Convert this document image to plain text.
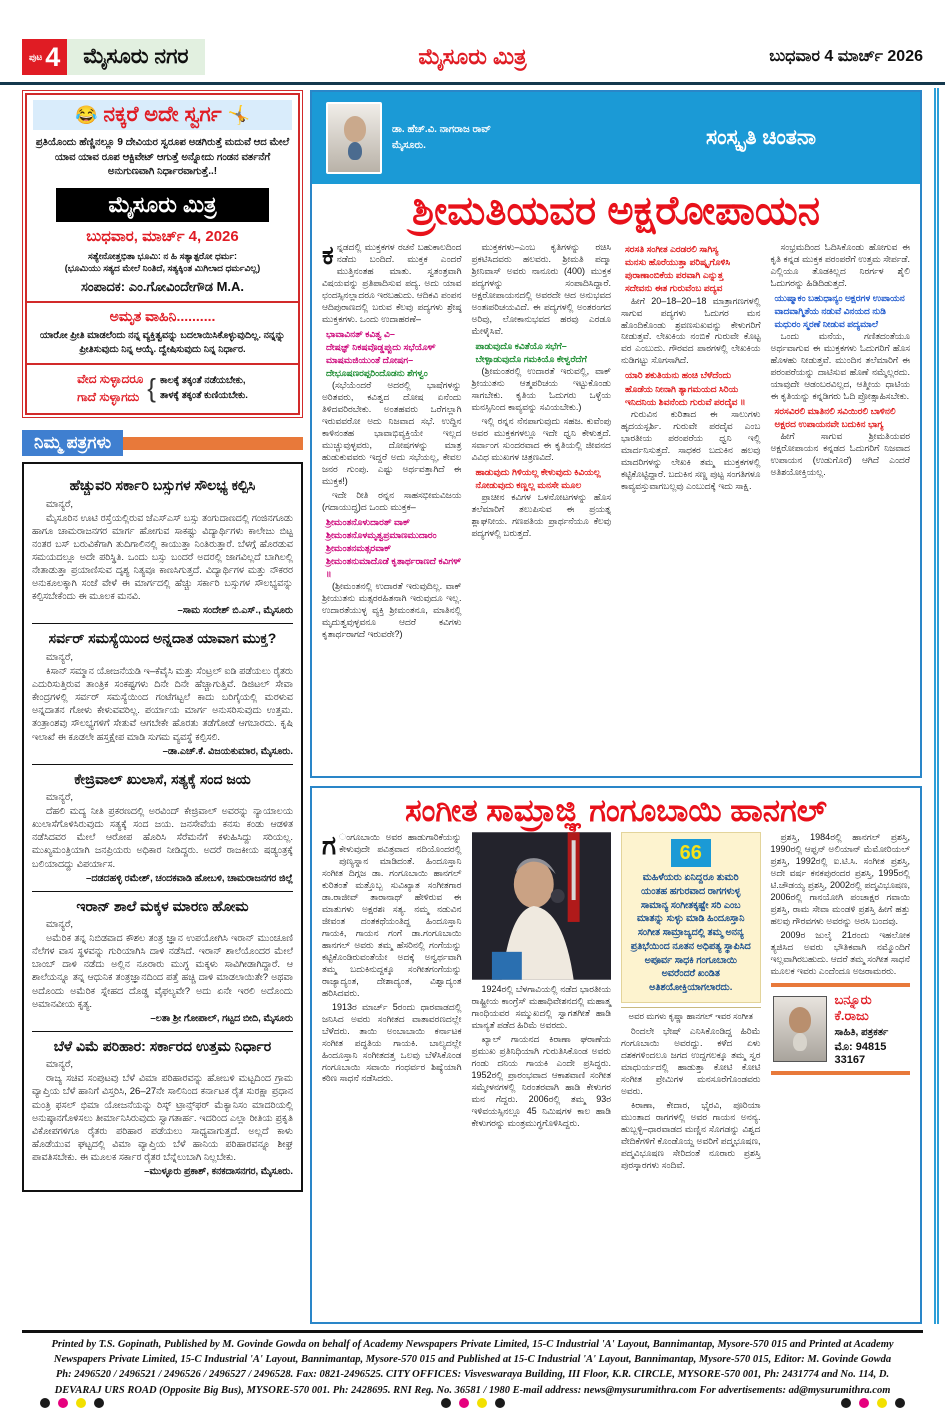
ಪುಟ 4	ಮೈಸೂರು ನಗರ	ಮೈಸೂರು ಮಿತ್ರ	ಬುಧವಾರ 4 ಮಾರ್ಚ್ 2026
😂 ನಕ್ಕರೆ ಅದೇ ಸ್ವರ್ಗ 🤸
ಪ್ರತಿಯೊಂದು ಹೆಣ್ಣಿನಲ್ಲೂ 9 ದೇವಿಯರ ಸ್ವರೂಪ ಅಡಗಿರುತ್ತೆ ಮದುವೆ ಆದ ಮೇಲೆ ಯಾವ ಯಾವ ರೂಪ ಆಕ್ಟಿವೇಟ್ ಆಗುತ್ತೆ ಅನ್ನೋದು ಗಂಡನ ವರ್ತನೆಗೆ ಅನುಗುಣವಾಗಿ ನಿರ್ಧಾರವಾಗುತ್ತೆ..!
ಮೈಸೂರು ಮಿತ್ರ
ಬುಧವಾರ, ಮಾರ್ಚ್ 4, 2026
ಸತ್ಯೇನೋತ್ತಭಿತಾ ಭೂಮಿ: ನ ಹಿ ಸತ್ಯಾತ್ಪರೋ ಧರ್ಮ:
(ಭೂಮಿಯು ಸತ್ಯದ ಮೇಲೆ ನಿಂತಿದೆ, ಸತ್ಯಕ್ಕಿಂತ ಮಿಗಿಲಾದ ಧರ್ಮವಿಲ್ಲ)
ಸಂಪಾದಕ: ಎಂ.ಗೋವಿಂದೇಗೌಡ M.A.
ಅಮೃತ ವಾಹಿನಿ..........
ಯಾರೋ ಪ್ರೀತಿ ಮಾಡಲೆಂದು ನನ್ನ ವ್ಯಕ್ತಿತ್ವವನ್ನು ಬದಲಾಯಿಸಿಕೊಳ್ಳುವುದಿಲ್ಲ. ನನ್ನನ್ನು ಪ್ರೀತಿಸುವುದು ನಿನ್ನ ಆಯ್ಕೆ. ದ್ವೇಷಿಸುವುದು ನಿನ್ನ ನಿರ್ಧಾರ.
ವೇದ ಸುಳ್ಳಾದರೂ
ಗಾದೆ ಸುಳ್ಳಾಗದು { ಕಾಲಕ್ಕೆ ತಕ್ಕಂತೆ ನಡೆಯಬೇಕು,
ತಾಳಕ್ಕೆ ತಕ್ಕಂತೆ ಕುಣಿಯಬೇಕು.
ನಿಮ್ಮ ಪತ್ರಗಳು
ಹೆಚ್ಚುವರಿ ಸರ್ಕಾರಿ ಬಸ್ಸುಗಳ ಸೌಲಭ್ಯ ಕಲ್ಪಿಸಿ
ಮಾನ್ಯರೆ,
ಮೈಸೂರಿನ ಊಟಿ ರಸ್ತೆಯಲ್ಲಿರುವ ಜೆಎಸ್ಎಸ್ ಬಸ್ಸು ತಂಗುದಾಣದಲ್ಲಿ ಗಂಜಿನಗೂಡು ಹಾಗೂ ಚಾಮರಾಜನಗರ ಮಾರ್ಗ ಹೋಗುವ ಸಾಕಷ್ಟು ವಿದ್ಯಾರ್ಥಿಗಳು ಕಾಲೇಜು ಬಿಟ್ಟ ನಂತರ ಬಸ್ ಬರುವಿಕೆಗಾಗಿ ತುದಿಗಾಲಿನಲ್ಲಿ ಕಾಯುತ್ತಾ ನಿಂತಿರುತ್ತಾರೆ. ಬೆಳಗ್ಗೆ ಹೊರಡುವ ಸಮಯದಲ್ಲೂ ಅದೇ ಪರಿಸ್ಥಿತಿ. ಒಂದು ಬಸ್ಸು ಬಂದರೆ ಅದರಲ್ಲಿ ಜಾಗವಿಲ್ಲದೆ ಬಾಗಿಲಲ್ಲಿ ನೇತಾಡುತ್ತಾ ಪ್ರಯಾಣಿಸುವ ದೃಶ್ಯ ನಿತ್ಯವೂ ಕಾಣಸಿಗುತ್ತದೆ. ವಿದ್ಯಾರ್ಥಿಗಳ ಮತ್ತು ನೌಕರರ ಅನುಕೂಲಕ್ಕಾಗಿ ಸಂಜೆ ವೇಳೆ ಈ ಮಾರ್ಗದಲ್ಲಿ ಹೆಚ್ಚು ಸರ್ಕಾರಿ ಬಸ್ಸುಗಳ ಸೌಲಭ್ಯವನ್ನು ಕಲ್ಪಿಸಬೇಕೆಂದು ಈ ಮೂಲಕ ಮನವಿ.
–ಸಾಮ ಸಂದೇಶ್ ಬಿ.ಎಸ್., ಮೈಸೂರು
ಸರ್ವರ್ ಸಮಸ್ಯೆಯಿಂದ ಅನ್ನದಾತ ಯಾವಾಗ ಮುಕ್ತ?
ಮಾನ್ಯರೆ,
ಕಿಸಾನ್ ಸಮ್ಮಾನ ಯೋಜನೆಯಡಿ ಇ–ಕೆವೈಸಿ ಮತ್ತು ಸೆಂಟ್ರಲ್ ಐಡಿ ಪಡೆಯಲು ರೈತರು ಎದುರಿಸುತ್ತಿರುವ ತಾಂತ್ರಿಕ ಸಂಕಷ್ಟಗಳು ದಿನೇ ದಿನೇ ಹೆಚ್ಚಾಗುತ್ತಿವೆ. ಡಿಜಿಟಲ್ ಸೇವಾ ಕೇಂದ್ರಗಳಲ್ಲಿ ಸರ್ವರ್ ಸಮಸ್ಯೆಯಿಂದ ಗಂಟೆಗಟ್ಟಲೆ ಕಾದು ಬರಿಗೈಯಲ್ಲಿ ಮರಳುವ ಅನ್ನದಾತನ ಗೋಳು ಕೇಳುವವರಿಲ್ಲ. ಪರ್ಯಾಯ ಮಾರ್ಗ ಅನುಸರಿಸುವುದು ಉತ್ತಮ. ತಂತ್ರಾಂಶವು ಸೌಲಭ್ಯಗಳಿಗೆ ಸೇತುವೆ ಆಗಬೇಕೇ ಹೊರತು ತಡೆಗೋಡೆ ಆಗಬಾರದು. ಕೃಷಿ ಇಲಾಖೆ ಈ ಕೂಡಲೇ ಹಸ್ತಕ್ಷೇಪ ಮಾಡಿ ಸುಗಮ ವ್ಯವಸ್ಥೆ ಕಲ್ಪಿಸಲಿ.
–ಡಾ.ಎಚ್.ಕೆ. ವಿಜಯಕುಮಾರ, ಮೈಸೂರು.
ಕೇಜ್ರಿವಾಲ್ ಖುಲಾಸೆ, ಸತ್ಯಕ್ಕೆ ಸಂದ ಜಯ
ಮಾನ್ಯರೆ,
ದೆಹಲಿ ಮದ್ಯ ನೀತಿ ಪ್ರಕರಣದಲ್ಲಿ ಅರವಿಂದ್ ಕೇಜ್ರಿವಾಲ್ ಅವರನ್ನು ನ್ಯಾಯಾಲಯ ಖುಲಾಸೆಗೊಳಿಸಿರುವುದು ಸತ್ಯಕ್ಕೆ ಸಂದ ಜಯ. ಜನಸೇವೆಯ ಕನಸು ಕಂಡು ಆಡಳಿತ ನಡೆಸಿದವರ ಮೇಲೆ ಆರೋಪ ಹೊರಿಸಿ ಸೆರೆಮನೆಗೆ ಕಳುಹಿಸಿದ್ದು ಸರಿಯಲ್ಲ. ಮುಖ್ಯಮಂತ್ರಿಯಾಗಿ ಜನಪ್ರಿಯರು ಅಧಿಕಾರ ನೀಡಿದ್ದರು. ಅದರೆ ರಾಜಕೀಯ ಷಡ್ಯಂತ್ರಕ್ಕೆ ಬಲಿಯಾದದ್ದು ವಿಪರ್ಯಾಸ.
–ದಡದಹಳ್ಳಿ ರಮೇಶ್, ಚಂದಕವಾಡಿ ಹೋಬಳಿ, ಚಾಮರಾಜನಗರ ಜಿಲ್ಲೆ
ಇರಾನ್ ಶಾಲೆ ಮಕ್ಕಳ ಮಾರಣ ಹೋಮ
ಮಾನ್ಯರೆ,
ಅಮೆರಿಕ ತನ್ನ ನಿಬಿಡವಾದ ಕೌಶಲ ತಂತ್ರ ಜ್ಞಾನ ಉಪಯೋಗಿಸಿ ಇರಾನ್ ಮುಂಚೂಣಿ ನೆಲೆಗಳ ವಾಸ ಸ್ಥಳವನ್ನು ಗುರಿಯಾಗಿಸಿ ದಾಳಿ ನಡೆಸಿದೆ. ಇರಾನ್ ಶಾಲೆಯೊಂದರ ಮೇಲೆ ಬಾಂಬ್ ದಾಳಿ ನಡೆದು ಅಲ್ಲಿನ ನೂರಾರು ಮುಗ್ಧ ಮಕ್ಕಳು ಸಾವಿಗೀಡಾಗಿದ್ದಾರೆ. ಆ ಶಾಲೆಯನ್ನೂ ತನ್ನ ಆಧುನಿಕ ತಂತ್ರಜ್ಞಾನದಿಂದ ಪತ್ತೆ ಹಚ್ಚಿ ದಾಳಿ ಮಾಡಲಾಯಿತೇ? ಅಥವಾ ಅದೊಂದು ಅಮೆರಿಕ ಸ್ನೇಹದ ದೊಡ್ಡ ವೈಫಲ್ಯವೇ? ಅದು ಏನೇ ಇರಲಿ ಅದೊಂದು ಅಮಾನವೀಯ ಕೃತ್ಯ.
–ಲತಾ ಶ್ರೀ ಗೋಪಾಲ್, ಗಟ್ಟದ ಬೀದಿ, ಮೈಸೂರು
ಬೆಳೆ ವಿಮೆ ಪರಿಹಾರ: ಸರ್ಕಾರದ ಉತ್ತಮ ನಿರ್ಧಾರ
ಮಾನ್ಯರೆ,
ರಾಜ್ಯ ಸಚಿವ ಸಂಪುಟವು ಬೆಳೆ ವಿಮಾ ಪರಿಹಾರವನ್ನು ಹೋಬಳಿ ಮಟ್ಟದಿಂದ ಗ್ರಾಮ ವ್ಯಾಪ್ತಿಯ ಬೆಳೆ ಹಾನಿಗೆ ವಿಸ್ತರಿಸಿ, 26–27ನೇ ಸಾಲಿನಿಂದ ಕರ್ನಾಟಕ ರೈತ ಸುರಕ್ಷಾ ಪ್ರಧಾನ ಮಂತ್ರಿ ಫಸಲ್ ಭಿಮಾ ಯೋಜನೆಯನ್ನು ರಿಸ್ಕ್ ಟ್ರಾನ್ಸ್‌ಫರ್ ಮೆಕ್ಯಾನಿಸಂ ಮಾದರಿಯಲ್ಲಿ ಅನುಷ್ಠಾನಗೊಳಿಸಲು ತೀರ್ಮಾನಿಸಿರುವುದು ಸ್ವಾಗತಾರ್ಹ. ಇದರಿಂದ ಎಲ್ಲಾ ರೀತಿಯ ಪ್ರಕೃತಿ ವಿಕೋಪಗಳಿಗೂ ರೈತರು ಪರಿಹಾರ ಪಡೆಯಲು ಸಾಧ್ಯವಾಗುತ್ತದೆ. ಅಲ್ಲದೆ ಕಾಳು ಹೊಡೆಯುವ ಘಟ್ಟದಲ್ಲಿ ವಿಮಾ ವ್ಯಾಪ್ತಿಯ ಬೆಳೆ ಹಾನಿಯ ಪರಿಹಾರವನ್ನೂ ಶೀಘ್ರ ಪಾವತಿಸಬೇಕು. ಈ ಮೂಲಕ ಸರ್ಕಾರ ರೈತರ ಬೆನ್ನೆಲುಬಾಗಿ ನಿಲ್ಲಬೇಕು.
–ಮುಳ್ಳೂರು ಪ್ರಕಾಶ್, ಕನಕದಾಸನಗರ, ಮೈಸೂರು.
ಡಾ. ಹೆಚ್.ವಿ. ನಾಗರಾಜ ರಾವ್
ಮೈಸೂರು.	ಸಂಸ್ಕೃತಿ ಚಿಂತನಾ
ಶ್ರೀಮತಿಯವರ ಅಕ್ಷರೋಪಾಯನ
ಕನ್ನಡದಲ್ಲಿ ಮುಕ್ತಕಗಳ ರಚನೆ ಬಹುಕಾಲದಿಂದ ನಡೆದು ಬಂದಿದೆ. ಮುಕ್ತಕ ಎಂದರೆ ಮುತ್ತಿನಂತಹ ಮಾತು. ಸ್ವತಂತ್ರವಾಗಿ ವಿಷಯವನ್ನು ಪ್ರತಿಪಾದಿಸುವ ಪದ್ಯ. ಅದು ಯಾವ ಛಂದಸ್ಸಿನಲ್ಲಾದರೂ ಇರಬಹುದು. ಆದಿಕವಿ ಪಂಪನ ಆದಿಪುರಾಣದಲ್ಲಿ ಬರುವ ಕೆಲವು ಪದ್ಯಗಳು ಶ್ರೇಷ್ಠ ಮುಕ್ತಕಗಳು. ಒಂದು ಉದಾಹರಣೆ–
ಭಾವಾವಿನತ್ ಕವಿತ್ವ ವಿ–
ದೇಷಜ್ಞ್ ನಿಕಷವೊಡ್ಡಪ್ಪುದು ಸಭೆಯೊಳ್
ಮಾಷಮಜಿಯುಂತೆ ದೋಷಗ–
ದೇಭೂಷಣರಪ್ಪರಿಂದೊಡನು ಶೆಗಳ್ವಂ
(ಸಭೆಯೆಂದರೆ ಅದರಲ್ಲಿ ಭಾಷೆಗಳನ್ನು ಅರಿತವರು, ಕವಿತ್ವದ ದೋಷ ಏನೆಂದು ತಿಳಿದವರಿರಬೇಕು. ಅಂತಹವರು ಒರೆಗಲ್ಲಾಗಿ ಇರುವವರೋ ಅದು ನಿಜವಾದ ಸಭೆ. ಉದ್ದಿನ ಕಾಳಿನಂತಹ ಭಾವಾಭಿವ್ಯಕ್ತಿಯೇ ಇಲ್ಲದ ಮುಚ್ಚುವುಳ್ಳವರು, ದೋಷಗಳನ್ನು ಮಾತ್ರ ಹುಡುಕುವವರು ಇದ್ದರೆ ಅದು ಸಭೆಯಲ್ಲ, ಕೇವಲ ಜನರ ಗುಂಪು. ಎಷ್ಟು ಅರ್ಥವತ್ತಾಗಿದೆ ಈ ಮುಕ್ತಕ!)
ಇದೇ ರೀತಿ ರನ್ನನ ಸಾಹಸಭೀಮವಿಜಯ (ಗದಾಯುದ್ಧ)ದ ಒಂದು ಮುಕ್ತಕ–
ಶ್ರೀಮಂತನೊಳುದಾರತ್ ವಾಕ್
ಶ್ರೀಮಂತನೊಳಮೃತ್ವಪ್ರಮಾಣಮುದಾರಂ
ಶ್ರೀಮಂತನಮತ್ಸರವಾಕ್
ಶ್ರೀಮಂತನುಮಾದೊಡೆ ಕೃತಾರ್ಥರಾಣದೆ ಕವಿಗಳ್ ॥
(ಶ್ರೀಮಂತನಲ್ಲಿ ಉದಾರತೆ ಇರುವುದಿಲ್ಲ. ವಾಕ್ ಶ್ರೀಯುತನು ಮತ್ಸರರಹಿತನಾಗಿ ಇರುವುದೂ ಇಲ್ಲ. ಉದಾರತೆಯುಳ್ಳ ವ್ಯಕ್ತಿ ಶ್ರೀಮಂತನೂ, ಮಾತಿನಲ್ಲಿ ಮೃದುತ್ವವುಳ್ಳವನೂ ಆದರೆ ಕವಿಗಳು ಕೃತಾರ್ಥರಾಗದೆ ಇರುವರೇ?)
ಮುಕ್ತಕಗಳು–ಎಂಬ ಕೃತಿಗಳನ್ನು ರಚಿಸಿ ಪ್ರಕಟಿಸಿದವರು ಹಲವರು. ಶ್ರೀಮತಿ ಪದ್ಮಾ ಶ್ರೀನಿವಾಸ್ ಅವರು ನಾನೂರು (400) ಮುಕ್ತಕ ಪದ್ಯಗಳನ್ನು ಸಂಪಾದಿಸಿದ್ದಾರೆ. ಅಕ್ಷರೋಪಾಯನದಲ್ಲಿ ಅವರದೇ ಆದ ಅನುಭವದ ಅಂತಃಪರಿಚಯವಿದೆ. ಈ ಪದ್ಯಗಳಲ್ಲಿ ಅಂತರಂಗದ ಅರಿವು, ಲೋಕಾನುಭವದ ಹರವು ಎರಡೂ ಮೇಳೈಸಿವೆ.
ಪಾಡುವುದೊ ಕವಿತೆಯೊ ಸಭೆಗೆ–
ಬೇಳ್ಪಾಡುವುದೊ ಗಮಕಿಯೊ ಕೇಳ್ವರೆದೆಗೆ
(ಶ್ರೀಮಂತರಲ್ಲಿ ಉದಾರತೆ ಇರುವಲ್ಲಿ, ವಾಕ್ ಶ್ರೀಯುತನು ಆತ್ಮಪರಿಚಯ ಇಟ್ಟುಕೊಂಡು ಸಾಗಬೇಕು. ಕೃತಿಯ ಓದುಗರು ಒಳ್ಳೆಯ ಮನಸ್ಸಿನಿಂದ ಕಾವ್ಯವನ್ನು ಸವಿಯಬೇಕು.)
ಇಲ್ಲಿ ರನ್ನನ ನೆನಪಾಗುವುದು ಸಹಜ. ಕುವೆಂಪು ಅವರ ಮುಕ್ತಕಗಳಲ್ಲೂ ಇದೇ ಧ್ವನಿ ಕೇಳುತ್ತದೆ. ಸರ್ವಾಂಗ ಸುಂದರವಾದ ಈ ಕೃತಿಯಲ್ಲಿ ಜೀವನದ ವಿವಿಧ ಮುಖಗಳ ಚಿತ್ರಣವಿದೆ.
ಹಾಡುವುದು ಗಿಳಿಯಲ್ಲ ಕೇಳುವುದು ಕಿವಿಯಲ್ಲ
ನೋಡುವುದು ಕಣ್ಣಲ್ಲ ಮನಸೇ ಮೂಲ
ಪ್ರಾಚೀನ ಕವಿಗಳ ಒಳನೋಟಗಳನ್ನು ಹೊಸ ತಲೆಮಾರಿಗೆ ತಲುಪಿಸುವ ಈ ಪ್ರಯತ್ನ ಶ್ಲಾಘನೀಯ. ಗಣಪತಿಯ ಪ್ರಾರ್ಥನೆಯೂ ಕೆಲವು ಪದ್ಯಗಳಲ್ಲಿ ಬರುತ್ತದೆ.
ಸರಸತಿ ಸಂಗೀತ ಎರಡರಲಿ ಸಾಗಿಸ್ಯ
ಮನಸು ಹೊರೆಯುತ್ತಾ ಪರಿಷ್ಕೃಗೊಳಿಸಿ
ಪುರಾಣಾಂಬಿಕೆಯ ಪರವಾಗಿ ಎನ್ನುತ್ತ
ಸದೇವನು ಈತ ಗುರುವೆಂಬ ಪದ್ಯವ
ಹೀಗೆ 20–18–20–18 ಮಾತ್ರಾಗಣಗಳಲ್ಲಿ ಸಾಗುವ ಪದ್ಯಗಳು ಓದುಗರ ಮನ ಹೊಂದಿಕೊಂಡು ಶ್ರವಣಸುಖವನ್ನು ಕೇಳುಗರಿಗೆ ನೀಡುತ್ತವೆ. ಲೇಖಕಿಯ ನಂಬಿಕೆ ಗುರುವೇ ಕೊಟ್ಟ ವರ ಎಂಬುದು. ಗೌರವದ ಪಾಠಗಳಲ್ಲಿ ಲೇಖಕಿಯ ನುಡಿಗಟ್ಟು ಸೊಗಸಾಗಿದೆ.
ಯಾರಿ ಶಕುತಿಯನು ಹಂಚಿ ಬೆಳೆದೆಂದು
ಹೊಡೆಯ ನೀನಾಗಿ ತ್ಯಾಗಮಯದ ಸಿರಿಯ
ಇನಿದನಿಯ ಶಿವನೆಂದು ಗುರುವೆ ಪರದೈವ ॥
ಗುರುವಿನ ಕುರಿತಾದ ಈ ಸಾಲುಗಳು ಹೃದಯಸ್ಪರ್ಶಿ. ಗುರುವೇ ಪರದೈವ ಎಂಬ ಭಾರತೀಯ ಪರಂಪರೆಯ ಧ್ವನಿ ಇಲ್ಲಿ ಮಾರ್ದನಿಸುತ್ತದೆ. ಸಾಧಕರ ಬದುಕಿನ ಹಲವು ಮಾದರಿಗಳನ್ನು ಲೇಖಕಿ ತಮ್ಮ ಮುಕ್ತಕಗಳಲ್ಲಿ ಕಟ್ಟಿಕೊಟ್ಟಿದ್ದಾರೆ. ಬದುಕಿನ ಸಣ್ಣ ಪುಟ್ಟ ಸಂಗತಿಗಳೂ ಕಾವ್ಯವಸ್ತುವಾಗಬಲ್ಲವು ಎಂಬುದಕ್ಕೆ ಇದು ಸಾಕ್ಷಿ.
ಸಂಭ್ರಮದಿಂದ ಓದಿಸಿಕೊಂಡು ಹೋಗುವ ಈ ಕೃತಿ ಕನ್ನಡ ಮುಕ್ತಕ ಪರಂಪರೆಗೆ ಉತ್ತಮ ಸೇರ್ಪಡೆ. ಎಲ್ಲಿಯೂ ತೊಡಕಿಲ್ಲದ ನಿರರ್ಗಳ ಶೈಲಿ ಓದುಗರನ್ನು ಹಿಡಿದಿಡುತ್ತದೆ.
ಯುಷ್ಮಾಕಂ ಬಹುಧಾನ್ಯಂ ಅಕ್ಷರಗಳ ಉಪಾಯನ
ವಾದವಾಗ್ಮಿತೆಯ ನಡುವೆ ವಿನಯದ ನುಡಿ
ಮಧುರಂ ಸ್ಮರಣೆ ನೀಡುವ ಪದ್ಯಮಾಲೆ
ಒಂದು ಮನೆಯ, ಗಣಿತದಂತೆಯೂ ಅರ್ಥವಾಗುವ ಈ ಮುಕ್ತಕಗಳು ಓದುಗರಿಗೆ ಹೊಸ ಹೊಳಹು ನೀಡುತ್ತವೆ. ಮುಂದಿನ ತಲೆಮಾರಿಗೆ ಈ ಪರಂಪರೆಯನ್ನು ದಾಟಿಸುವ ಹೊಣೆ ನಮ್ಮೆಲ್ಲರದು. ಯಾವುದೇ ಆಡಂಬರವಿಲ್ಲದ, ಆತ್ಮೀಯ ಧಾಟಿಯ ಈ ಕೃತಿಯನ್ನು ಕನ್ನಡಿಗರು ಓದಿ ಪ್ರೋತ್ಸಾಹಿಸಬೇಕು.
ಸರಸವಿರಲಿ ಮಾತಿನಲಿ ಸವಿಯಿರಲಿ ಬಾಳಿನಲಿ
ಅಕ್ಷರದ ಉಪಾಯನವೇ ಬದುಕಿನ ಭಾಗ್ಯ
ಹೀಗೆ ಸಾಗುವ ಶ್ರೀಮತಿಯವರ ಅಕ್ಷರೋಪಾಯನ ಕನ್ನಡದ ಓದುಗರಿಗೆ ನಿಜವಾದ ಉಪಾಯನ (ಉಡುಗೊರೆ) ಆಗಿದೆ ಎಂದರೆ ಅತಿಶಯೋಕ್ತಿಯಲ್ಲ.
ಸಂಗೀತ ಸಾಮ್ರಾಜ್ಞಿ ಗಂಗೂಬಾಯಿ ಹಾನಗಲ್
ಗ ಂಗೂಬಾಯಿ ಅವರ ಹಾಡುಗಾರಿಕೆಯನ್ನು ಕೇಳುವುದೇ ಪವಿತ್ರವಾದ ನದಿಯೊಂದರಲ್ಲಿ ಪುಣ್ಯಸ್ನಾನ ಮಾಡಿದಂತೆ. ಹಿಂದೂಸ್ತಾನಿ ಸಂಗೀತ ದಿಗ್ಗಜ ಡಾ. ಗಂಗೂಬಾಯಿ ಹಾನಗಲ್ ಕುರಿತಂತೆ ಮತ್ತೊಬ್ಬ ಸುವಿಖ್ಯಾತ ಸಂಗೀತಗಾರ ಡಾ.ರಾಜೀವ್ ತಾರಾನಾಥ್ ಹೇಳಿರುವ ಈ ಮಾತುಗಳು ಅಕ್ಷರಶಃ ಸತ್ಯ. ನಮ್ಮ ನಡುವಿನ ಜೀವಂತ ದಂತಕಥೆಯಂತಿದ್ದ ಹಿಂದೂಸ್ತಾನಿ ಗಾಯಕಿ, ಗಾಯನ ಗಂಗೆ ಡಾ.ಗಂಗೂಬಾಯಿ ಹಾನಗಲ್ ಅವರು ತಮ್ಮ ಹೆಸರಿನಲ್ಲಿ ಗಂಗೆಯನ್ನು ಕಟ್ಟಿಕೊಂಡಿರುವಂತೆಯೇ ಅದಕ್ಕೆ ಅನ್ವರ್ಥವಾಗಿ ತಮ್ಮ ಬದುಕಿನುದ್ದಕ್ಕೂ ಸಂಗೀತಗಂಗೆಯನ್ನು ರಾಜ್ಯಾದ್ಯಂತ, ದೇಶಾದ್ಯಂತ, ವಿಶ್ವಾದ್ಯಂತ ಹರಿಸಿದವರು.
1913ರ ಮಾರ್ಚ್ 5ರಂದು ಧಾರವಾಡದಲ್ಲಿ ಜನಿಸಿದ ಅವರು ಸಂಗೀತದ ವಾತಾವರಣದಲ್ಲೇ ಬೆಳೆದರು. ತಾಯಿ ಅಂಬಾಬಾಯಿ ಕರ್ನಾಟಕ ಸಂಗೀತ ಪದ್ಧತಿಯ ಗಾಯಕಿ. ಬಾಲ್ಯದಲ್ಲೇ ಹಿಂದೂಸ್ತಾನಿ ಸಂಗೀತದತ್ತ ಒಲವು ಬೆಳೆಸಿಕೊಂಡ ಗಂಗೂಬಾಯಿ ಸವಾಯಿ ಗಂಧರ್ವರ ಶಿಷ್ಯೆಯಾಗಿ ಕಠಿಣ ಸಾಧನೆ ನಡೆಸಿದರು.
1924ರಲ್ಲಿ ಬೆಳಗಾವಿಯಲ್ಲಿ ನಡೆದ ಭಾರತೀಯ ರಾಷ್ಟ್ರೀಯ ಕಾಂಗ್ರೆಸ್ ಮಹಾಧಿವೇಶನದಲ್ಲಿ ಮಹಾತ್ಮ ಗಾಂಧಿಯವರ ಸಮ್ಮುಖದಲ್ಲಿ ಸ್ವಾಗತಗೀತೆ ಹಾಡಿ ಮಾನ್ಯತೆ ಪಡೆದ ಹಿರಿಮೆ ಅವರದು.
ಖ್ಯಾಲ್ ಗಾಯನದ ಕಿರಾಣಾ ಘರಾಣೆಯ ಪ್ರಮುಖ ಪ್ರತಿನಿಧಿಯಾಗಿ ಗುರುತಿಸಿಕೊಂಡ ಅವರು ಗಂಡು ದನಿಯ ಗಾಯಕಿ ಎಂದೇ ಪ್ರಸಿದ್ಧರು. 1952ರಲ್ಲಿ ಪ್ರಾರಂಭವಾದ ಆಕಾಶವಾಣಿ ಸಂಗೀತ ಸಮ್ಮೇಳನಗಳಲ್ಲಿ ನಿರಂತರವಾಗಿ ಹಾಡಿ ಕೇಳುಗರ ಮನ ಗೆದ್ದರು. 2006ರಲ್ಲಿ ತಮ್ಮ 93ರ ಇಳಿವಯಸ್ಸಿನಲ್ಲೂ 45 ನಿಮಿಷಗಳ ಕಾಲ ಹಾಡಿ ಕೇಳುಗರನ್ನು ಮಂತ್ರಮುಗ್ಧಗೊಳಿಸಿದ್ದರು.
66
ಮಹಿಳೆಯರು ಏನಿದ್ದರೂ ತುಮರಿ ಯಂತಹ ಹಗುರವಾದ ರಾಗಗಳುಳ್ಳ ಸಾಮಾನ್ಯ ಸಂಗೀತಕ್ಕಷ್ಟೇ ಸರಿ ಎಂಬ ಮಾತನ್ನು ಸುಳ್ಳು ಮಾಡಿ ಹಿಂದೂಸ್ತಾನಿ ಸಂಗೀತ ಸಾಮ್ರಾಜ್ಯದಲ್ಲಿ ತಮ್ಮ ಅನನ್ಯ ಪ್ರತಿಭೆಯಿಂದ ನೂತನ ಅಧಿಪತ್ಯ ಸ್ಥಾಪಿಸಿದ ಅಪೂರ್ವ ಸಾಧಕಿ ಗಂಗೂಬಾಯಿ ಅವರೆಂದರೆ ಖಂಡಿತ ಅತಿಶಯೋಕ್ತಿಯಾಗಲಾರದು.
ಅವರ ಮಗಳು ಕೃಷ್ಣಾ ಹಾನಗಲ್ ಇವರ ಸಂಗೀತ
ರಿಂದಲೇ ಭೇಷ್ ಎನಿಸಿಕೊಂಡಿದ್ದ ಹಿರಿಮೆ ಗಂಗೂಬಾಯಿ ಅವರದ್ದು. ಕಳೆದ ಏಳು ದಶಕಗಳಿಂದಲೂ ಜಗದ ಉದ್ದಗಲಕ್ಕೂ ತಮ್ಮ ಸ್ವರ ಮಾಧುರ್ಯದಲ್ಲಿ ಹಾಡುತ್ತಾ ಕೋಟಿ ಕೋಟಿ ಸಂಗೀತ ಪ್ರೇಮಿಗಳ ಮನಸೂರೆಗೊಂಡವರು ಅವರು.
ಕಿರಾಣಾ, ಕೇದಾರ, ಭೈರವಿ, ಪೂರಿಯಾ ಮುಂತಾದ ರಾಗಗಳಲ್ಲಿ ಅವರ ಗಾಯನ ಅನನ್ಯ. ಹುಬ್ಬಳ್ಳಿ–ಧಾರವಾಡದ ಮಣ್ಣಿನ ಸೊಗಡನ್ನು ವಿಶ್ವದ ವೇದಿಕೆಗಳಿಗೆ ಕೊಂಡೊಯ್ದ ಅವರಿಗೆ ಪದ್ಮಭೂಷಣ, ಪದ್ಮವಿಭೂಷಣ ಸೇರಿದಂತೆ ನೂರಾರು ಪ್ರಶಸ್ತಿ ಪುರಸ್ಕಾರಗಳು ಸಂದಿವೆ.
ಪ್ರಶಸ್ತಿ, 1984ರಲ್ಲಿ ಹಾನಗಲ್ ಪ್ರಶಸ್ತಿ, 1990ರಲ್ಲಿ ಆಫ್ಘನ್ ಅಲಿಯಾನ್ ಮೆಮೋರಿಯಲ್ ಪ್ರಶಸ್ತಿ, 1992ರಲ್ಲಿ ಐ.ಟಿ.ಸಿ. ಸಂಗೀತ ಪ್ರಶಸ್ತಿ, ಅದೇ ವರ್ಷ ಕನಕಪುರಂದರ ಪ್ರಶಸ್ತಿ, 1995ರಲ್ಲಿ ಟಿ.ಚೌಡಯ್ಯ ಪ್ರಶಸ್ತಿ, 2002ರಲ್ಲಿ ಪದ್ಮವಿಭೂಷಣ, 2006ರಲ್ಲಿ ಗಾನಯೋಗಿ ಪಂಚಾಕ್ಷರ ಗವಾಯಿ ಪ್ರಶಸ್ತಿ, ರಾಮ ಸೇವಾ ಮಂಡಳಿ ಪ್ರಶಸ್ತಿ ಹೀಗೆ ಹತ್ತು ಹಲವು ಗೌರವಗಳು ಅವರನ್ನು ಅರಸಿ ಬಂದವು.
2009ರ ಜುಲೈ 21ರಂದು ಇಹಲೋಕ ತ್ಯಜಿಸಿದ ಅವರು ಭೌತಿಕವಾಗಿ ನಮ್ಮೊಂದಿಗೆ ಇಲ್ಲವಾಗಿರಬಹುದು. ಆದರೆ ತಮ್ಮ ಸಂಗೀತ ಸಾಧನೆ ಮೂಲಕ ಇವರು ಎಂದೆಂದೂ ಅಜರಾಮರರು.
ಬನ್ನೂರು ಕೆ.ರಾಜು
ಸಾಹಿತಿ, ಪತ್ರಕರ್ತ
ಮೊ: 94815 33167
Printed by T.S. Gopinath, Published by M. Govinde Gowda on behalf of Academy Newspapers Private Limited, 15-C Industrial 'A' Layout, Bannimantap, Mysore-570 015 and Printed at Academy
Newspapers Private Limited, 15-C Industrial 'A' Layout, Bannimantap, Mysore-570 015 and Published at 15-C Industrial 'A' Layout, Bannimantap, Mysore-570 015, Editor: M. Govinde Gowda
Ph: 2496520 / 2496521 / 2496526 / 2496527 / 2496528. Fax: 0821-2496525. CITY OFFICES: Visveswaraya Building, III Floor, K.R. CIRCLE, MYSORE-570 001, Ph: 2431774 and No. 114, D.
DEVARAJ URS ROAD (Opposite Big Bus), MYSORE-570 001. Ph: 2428695. RNI Reg. No. 36581 / 1980 E-mail address: news@mysurumithra.com For advertisements: ad@mysurumithra.com
